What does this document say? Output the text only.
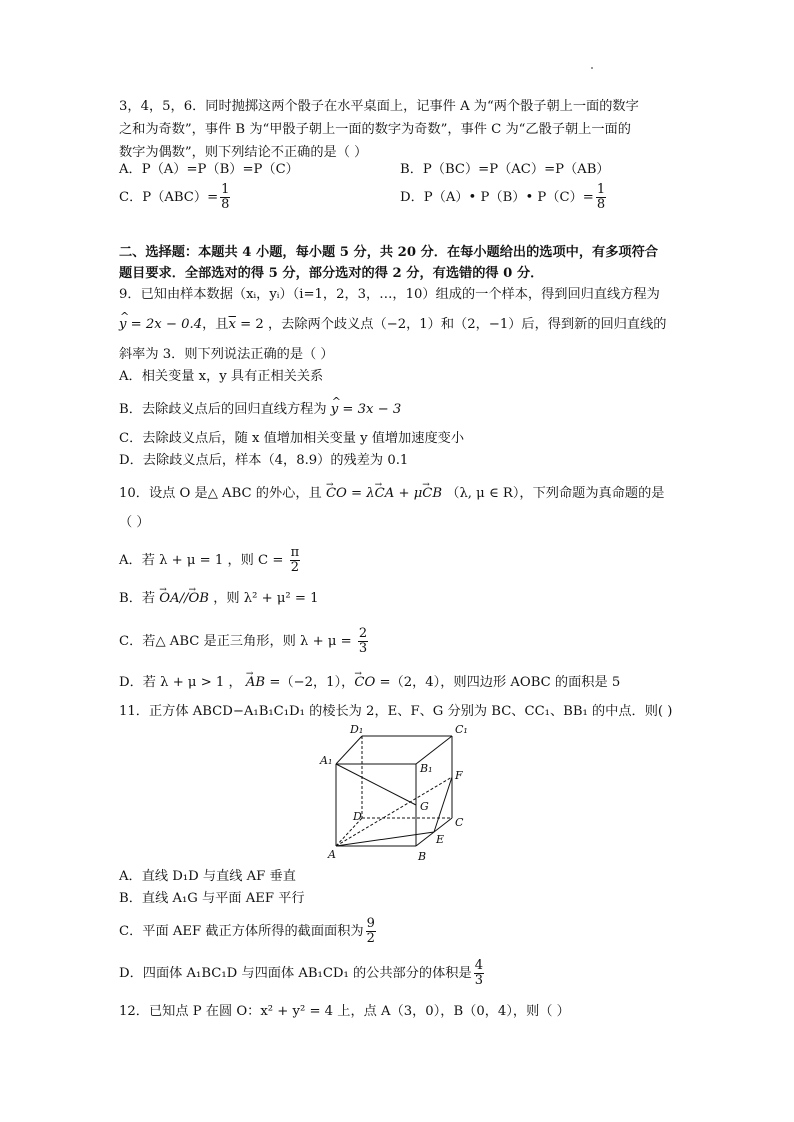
3，4，5，6．同时抛掷这两个骰子在水平桌面上，记事件 A 为“两个骰子朝上一面的数字
之和为奇数”，事件 B 为“甲骰子朝上一面的数字为奇数”，事件 C 为“乙骰子朝上一面的
数字为偶数”，则下列结论不正确的是（ ）
A．P（A）=P（B）=P（C）	B．P（BC）=P（AC）=P（AB）
C．$P(ABC)= \frac{1}{8}$	D．P（A）• P（B）• $P(C)= \frac{1}{8}$
二、选择题：本题共 4 小题，每小题 5 分，共 20 分．在每小题给出的选项中，有多项符合
题目要求．全部选对的得 5 分，部分选对的得 2 分，有选错的得 0 分．
9．已知由样本数据（xᵢ，yᵢ）（i=1，2，3，…，10）组成的一个样本，得到回归直线方程为
^ y = 2x − 0.4，且$\overline{x} = 2$ ，去除两个歧义点（−2，1）和（2，−1）后，得到新的回归直线的
斜率为 3．则下列说法正确的是（ ）
A．相关变量 x，y 具有正相关关系
B．去除歧义点后的回归直线方程为 ^ y = 3x − 3
C．去除歧义点后，随 x 值增加相关变量 y 值增加速度变小
D．去除歧义点后，样本（4，8.9）的残差为 0.1
10．设点 O 是△ ABC 的外心，且 → CO = λ→ CA + μ→ CB （λ, μ ∈ R），下列命题为真命题的是
（ ）
A．若 λ + μ = 1 ，则 $C = \frac{\pi}{2}$
B．若 → OA//→ OB ，则 λ² + μ² = 1
C．若△ ABC 是正三角形，则 $\lambda + \mu = \frac{2}{3}$
D．若 λ + μ > 1 ， → AB =（−2，1），→ CO =（2，4），则四边形 AOBC 的面积是 5
11．正方体 ABCD−A₁B₁C₁D₁ 的棱长为 2，E、F、G 分别为 BC、CC₁、BB₁ 的中点．则( )
D₁	C₁
A₁
B₁
F
G
D	C
E
A	B
A．直线 D₁D 与直线 AF 垂直
B．直线 A₁G 与平面 AEF 平行
C．平面 AEF 截正方体所得的截面面积为 $\frac{9}{2}$
D．四面体 A₁BC₁D 与四面体 AB₁CD₁ 的公共部分的体积是 $\frac{4}{3}$
12．已知点 P 在圆 O：x² + y² = 4 上，点 A（3，0），B（0，4），则（ ）
